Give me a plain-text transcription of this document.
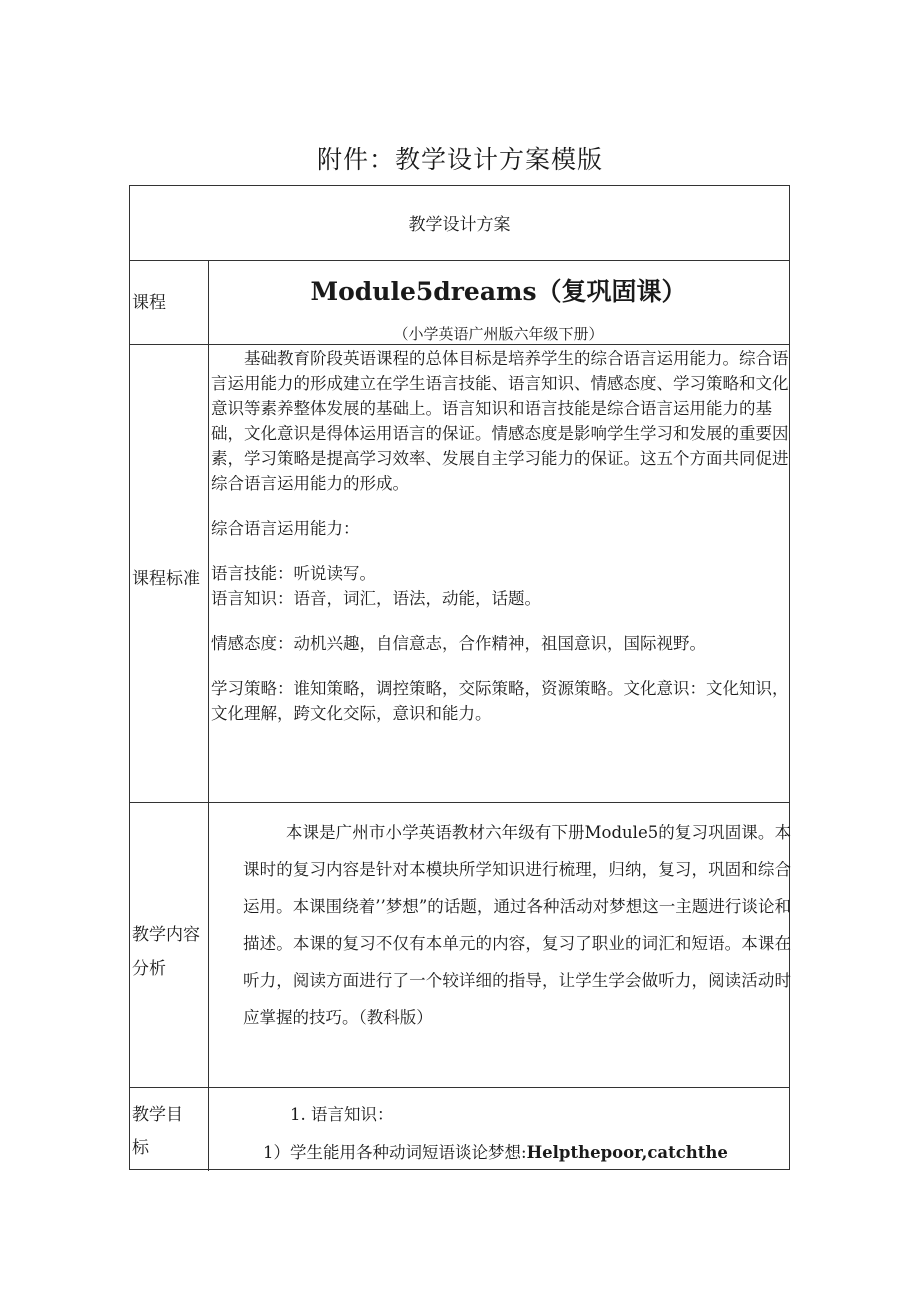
附件：教学设计方案模版
教学设计方案
课程	Module5dreams（复巩固课）
（小学英语广州版六年级下册）
课程标准

基础教育阶段英语课程的总体目标是培养学生的综合语言运用能力。综合语言运用能力的形成建立在学生语言技能、语言知识、情感态度、学习策略和文化意识等素养整体发展的基础上。语言知识和语言技能是综合语言运用能力的基础，文化意识是得体运用语言的保证。情感态度是影响学生学习和发展的重要因素，学习策略是提高学习效率、发展自主学习能力的保证。这五个方面共同促进综合语言运用能力的形成。

综合语言运用能力：

语言技能：听说读写。

语言知识：语音，词汇，语法，动能，话题。

情感态度：动机兴趣，自信意志，合作精神，祖国意识，国际视野。

学习策略：谁知策略，调控策略，交际策略，资源策略。文化意识：文化知识，文化理解，跨文化交际，意识和能力。

教学内容分析

本课是广州市小学英语教材六年级有下册Module5的复习巩固课。本课时的复习内容是针对本模块所学知识进行梳理，归纳，复习，巩固和综合运用。本课围绕着’’梦想”的话题，通过各种活动对梦想这一主题进行谈论和描述。本课的复习不仅有本单元的内容，复习了职业的词汇和短语。本课在听力，阅读方面进行了一个较详细的指导，让学生学会做听力，阅读活动时应掌握的技巧。（教科版）

教学目标
1. 语言知识：
1）学生能用各种动词短语谈论梦想:Helpthepoor,catchthe
